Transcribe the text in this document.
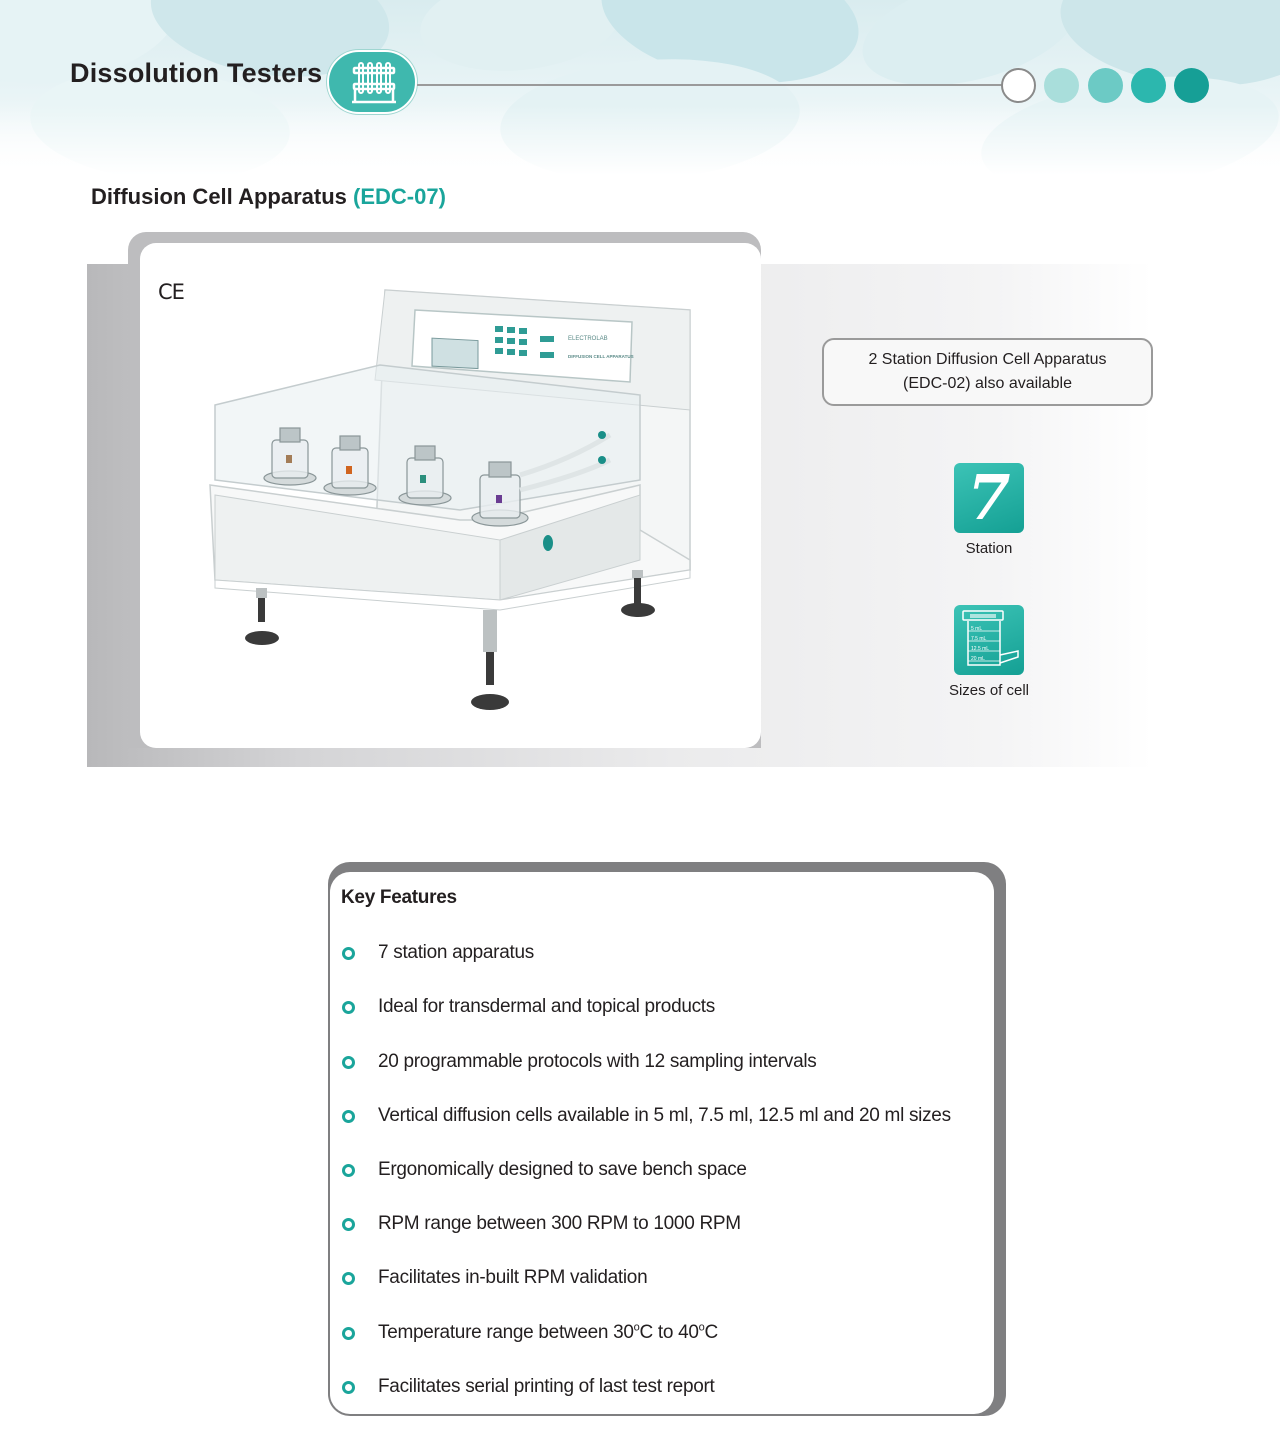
Dissolution Testers
Diffusion Cell Apparatus (EDC-07)
CE
ELECTROLAB
DIFFUSION CELL APPARATUS	2 Station Diffusion Cell Apparatus
(EDC-02) also available
7
Station
5 mL
7.5 mL
12.5 mL
20 mL
Sizes of cell
Key Features
7 station apparatus
Ideal for transdermal and topical products
20 programmable protocols with 12 sampling intervals
Vertical diffusion cells available in 5 ml, 7.5 ml, 12.5 ml and 20 ml sizes
Ergonomically designed to save bench space
RPM range between 300 RPM to 1000 RPM
Facilitates in-built RPM validation
Temperature range between 30$^o$C to 40$^o$C
Facilitates serial printing of last test report
